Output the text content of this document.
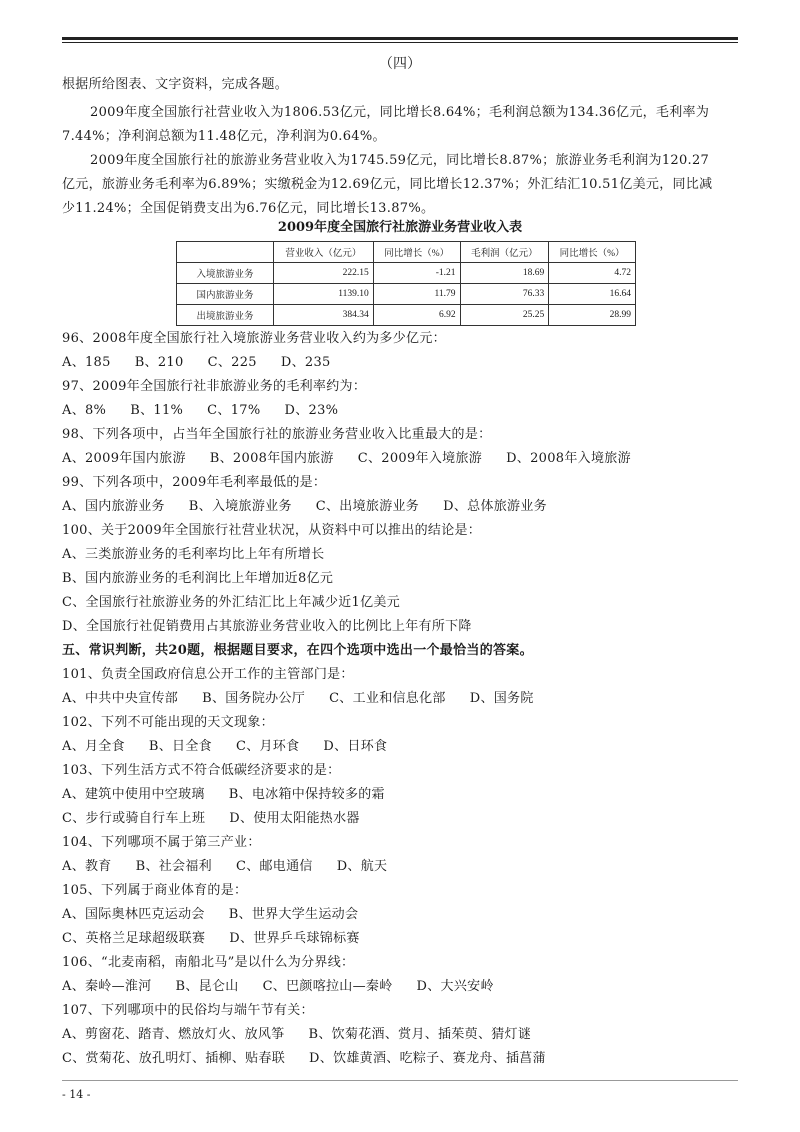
（四）
根据所给图表、文字资料，完成各题。
2009年度全国旅行社营业收入为1806.53亿元，同比增长8.64%；毛利润总额为134.36亿元，毛利率为
7.44%；净利润总额为11.48亿元，净利润为0.64%。
2009年度全国旅行社的旅游业务营业收入为1745.59亿元，同比增长8.87%；旅游业务毛利润为120.27
亿元，旅游业务毛利率为6.89%；实缴税金为12.69亿元，同比增长12.37%；外汇结汇10.51亿美元，同比减
少11.24%；全国促销费支出为6.76亿元，同比增长13.87%。
2009年度全国旅行社旅游业务营业收入表
	营业收入（亿元）	同比增长（%）	毛利润（亿元）	同比增长（%）
入境旅游业务	222.15	-1.21	18.69	4.72
国内旅游业务	1139.10	11.79	76.33	16.64
出境旅游业务	384.34	6.92	25.25	28.99
96、2008年度全国旅行社入境旅游业务营业收入约为多少亿元：
A、185 B、210 C、225 D、235
97、2009年全国旅行社非旅游业务的毛利率约为：
A、8% B、11% C、17% D、23%
98、下列各项中，占当年全国旅行社的旅游业务营业收入比重最大的是：
A、2009年国内旅游 B、2008年国内旅游 C、2009年入境旅游 D、2008年入境旅游
99、下列各项中，2009年毛利率最低的是：
A、国内旅游业务 B、入境旅游业务 C、出境旅游业务 D、总体旅游业务
100、关于2009年全国旅行社营业状况，从资料中可以推出的结论是：
A、三类旅游业务的毛利率均比上年有所增长
B、国内旅游业务的毛利润比上年增加近8亿元
C、全国旅行社旅游业务的外汇结汇比上年减少近1亿美元
D、全国旅行社促销费用占其旅游业务营业收入的比例比上年有所下降
五、常识判断，共20题，根据题目要求，在四个选项中选出一个最恰当的答案。
101、负责全国政府信息公开工作的主管部门是：
A、中共中央宣传部 B、国务院办公厅 C、工业和信息化部 D、国务院
102、下列不可能出现的天文现象：
A、月全食 B、日全食 C、月环食 D、日环食
103、下列生活方式不符合低碳经济要求的是：
A、建筑中使用中空玻璃 B、电冰箱中保持较多的霜
C、步行或骑自行车上班 D、使用太阳能热水器
104、下列哪项不属于第三产业：
A、教育 B、社会福利 C、邮电通信 D、航天
105、下列属于商业体育的是：
A、国际奥林匹克运动会 B、世界大学生运动会
C、英格兰足球超级联赛 D、世界乒乓球锦标赛
106、“北麦南稻，南船北马”是以什么为分界线：
A、秦岭—淮河 B、昆仑山 C、巴颜喀拉山—秦岭 D、大兴安岭
107、下列哪项中的民俗均与端午节有关：
A、剪窗花、踏青、燃放灯火、放风筝 B、饮菊花酒、赏月、插茱萸、猜灯谜
C、赏菊花、放孔明灯、插柳、贴春联 D、饮雄黄酒、吃粽子、赛龙舟、插菖蒲
- 14 -
